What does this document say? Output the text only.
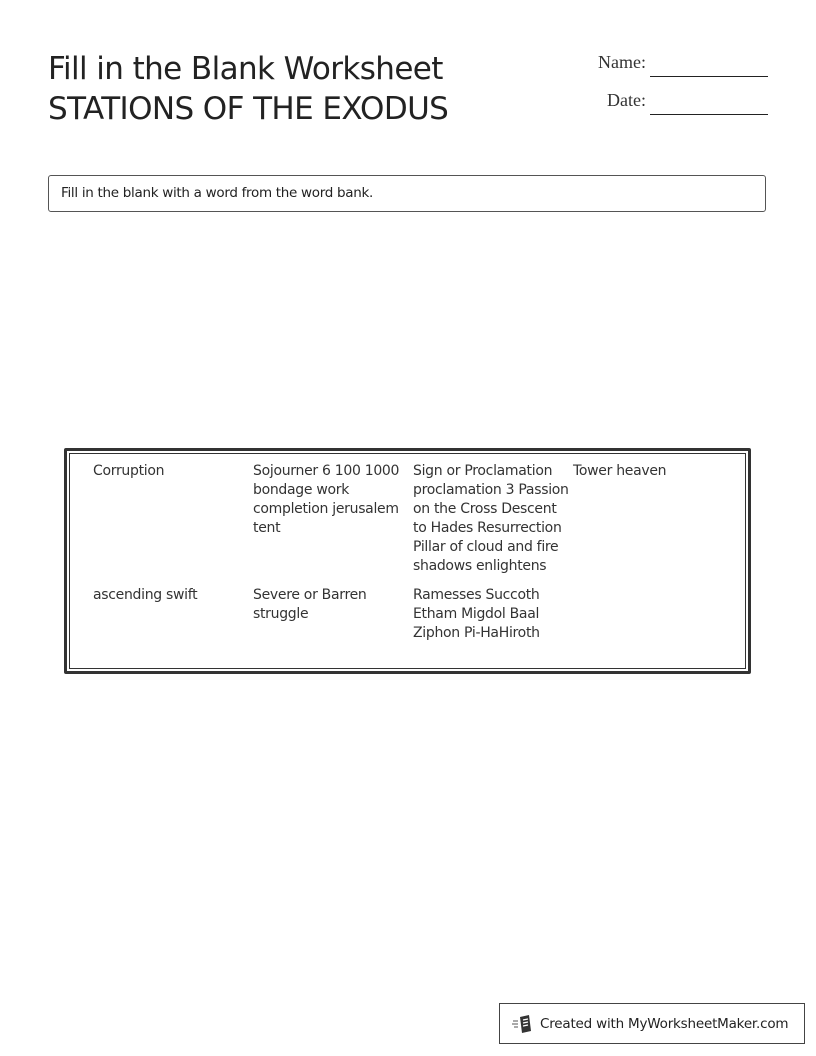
Fill in the Blank Worksheet
STATIONS OF THE EXODUS
Name:
Date:
Fill in the blank with a word from the word bank.
Corruption	Sojourner 6 100 1000 bondage work completion jerusalem tent
Sign or Proclamation proclamation 3 Passion on the Cross Descent to Hades Resurrection Pillar of cloud and fire shadows enlightens
Tower heaven
ascending swift	Severe or Barren struggle
Ramesses Succoth Etham Migdol Baal Ziphon Pi-HaHiroth
Created with MyWorksheetMaker.com
